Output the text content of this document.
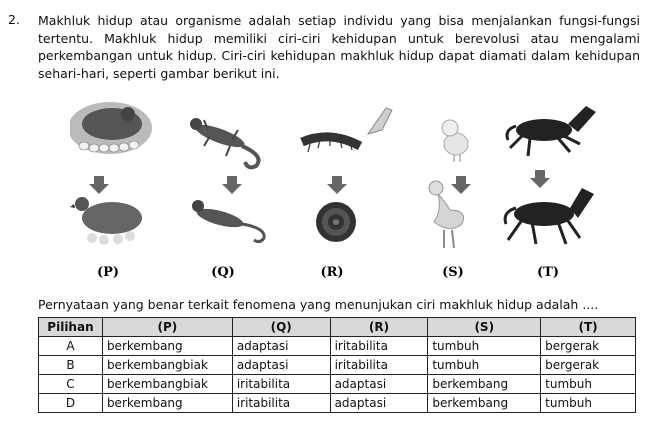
2. Makhluk hidup atau organisme adalah setiap individu yang bisa menjalankan fungsi-fungsi tertentu. Makhluk hidup memiliki ciri-ciri kehidupan untuk berevolusi atau mengalami perkembangan untuk hidup. Ciri-ciri kehidupan makhluk hidup dapat diamati dalam kehidupan sehari-hari, seperti gambar berikut ini.
(P)	(Q)	(R)	(S)	(T)
Pernyataan yang benar terkait fenomena yang menunjukan ciri makhluk hidup adalah ....
Pilihan	(P)	(Q)	(R)	(S)	(T)
A	berkembang	adaptasi	iritabilita	tumbuh	bergerak
B	berkembangbiak	adaptasi	iritabilita	tumbuh	bergerak
C	berkembangbiak	iritabilita	adaptasi	berkembang	tumbuh
D	berkembang	iritabilita	adaptasi	berkembang	tumbuh
